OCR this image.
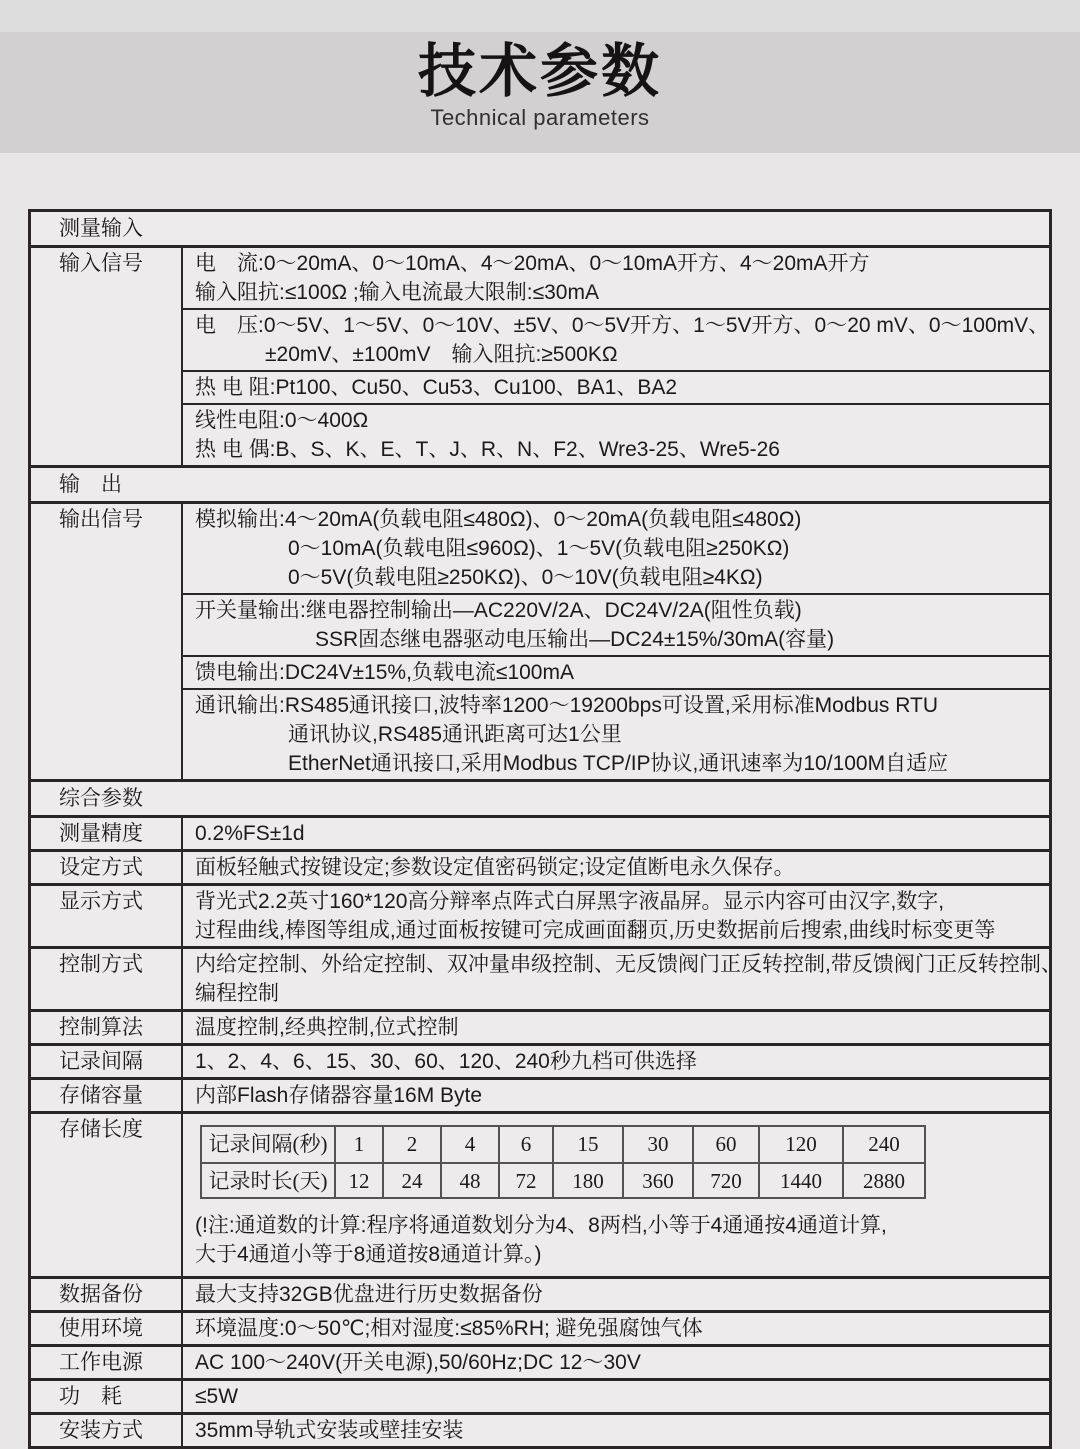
技术参数
Technical parameters
测量输入
输入信号	电　流:0～20mA、0～10mA、4～20mA、0～10mA开方、4～20mA开方
输入阻抗:≤100Ω ;输入电流最大限制:≤30mA
电　压:0～5V、1～5V、0～10V、±5V、0～5V开方、1～5V开方、0～20 mV、0～100mV、
±20mV、±100mV　输入阻抗:≥500KΩ
热 电 阻:Pt100、Cu50、Cu53、Cu100、BA1、BA2
线性电阻:0～400Ω
热 电 偶:B、S、K、E、T、J、R、N、F2、Wre3-25、Wre5-26
输　出
输出信号	模拟输出:4～20mA(负载电阻≤480Ω)、0～20mA(负载电阻≤480Ω)
0～10mA(负载电阻≤960Ω)、1～5V(负载电阻≥250KΩ)
0～5V(负载电阻≥250KΩ)、0～10V(负载电阻≥4KΩ)
开关量输出:继电器控制输出—AC220V/2A、DC24V/2A(阻性负载)
SSR固态继电器驱动电压输出—DC24±15%/30mA(容量)
馈电输出:DC24V±15%,负载电流≤100mA
通讯输出:RS485通讯接口,波特率1200～19200bps可设置,采用标准Modbus RTU
通讯协议,RS485通讯距离可达1公里
EtherNet通讯接口,采用Modbus TCP/IP协议,通讯速率为10/100M自适应
综合参数
测量精度	0.2%FS±1d
设定方式	面板轻触式按键设定;参数设定值密码锁定;设定值断电永久保存。
显示方式	背光式2.2英寸160*120高分辩率点阵式白屏黑字液晶屏。显示内容可由汉字,数字,
过程曲线,棒图等组成,通过面板按键可完成画面翻页,历史数据前后搜索,曲线时标变更等
控制方式	内给定控制、外给定控制、双冲量串级控制、无反馈阀门正反转控制,带反馈阀门正反转控制、
编程控制
控制算法	温度控制,经典控制,位式控制
记录间隔	1、2、4、6、15、30、60、120、240秒九档可供选择
存储容量	内部Flash存储器容量16M Byte
存储长度
记录间隔(秒)	1	2	4	6	15	30	60	120	240
记录时长(天)	12	24	48	72	180	360	720	1440	2880
(!注:通道数的计算:程序将通道数划分为4、8两档,小等于4通通按4通道计算,
大于4通道小等于8通道按8通道计算。)
数据备份	最大支持32GB优盘进行历史数据备份
使用环境	环境温度:0～50℃;相对湿度:≤85%RH; 避免强腐蚀气体
工作电源	AC 100～240V(开关电源),50/60Hz;DC 12～30V
功　耗	≤5W
安装方式	35mm导轨式安装或壁挂安装
